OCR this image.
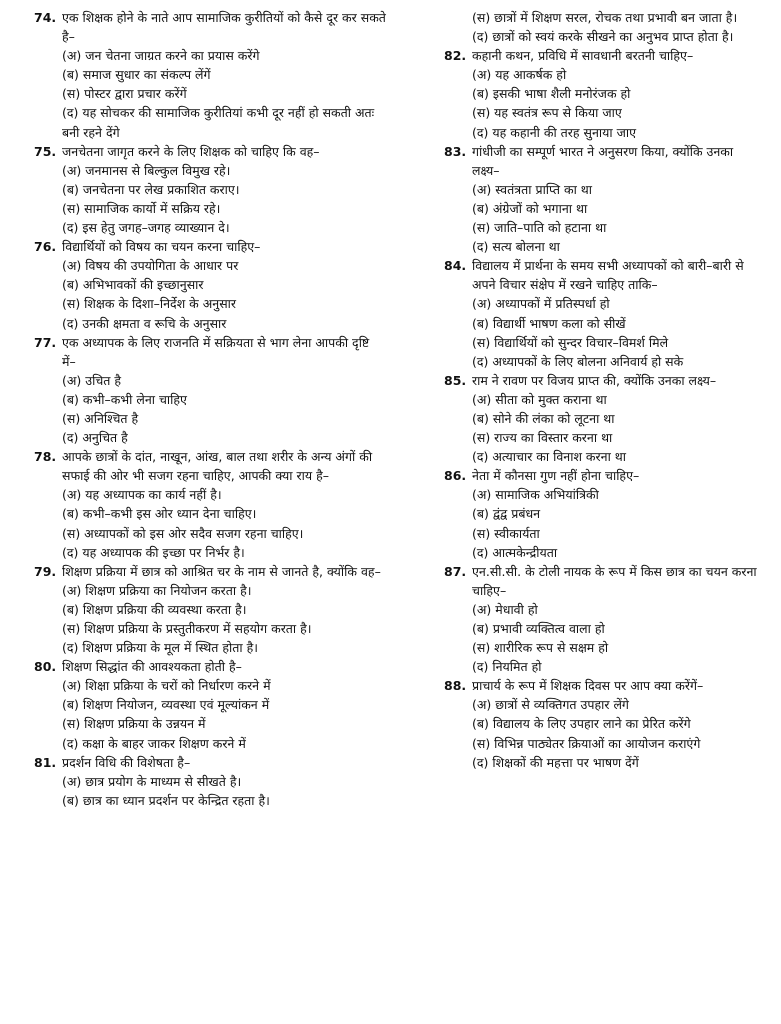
74. एक शिक्षक होने के नाते आप सामाजिक कुरीतियों को कैसे दूर कर सकते है–
(अ) जन चेतना जाग्रत करने का प्रयास करेंगे
(ब) समाज सुधार का संकल्प लेंगें
(स) पोस्टर द्वारा प्रचार करेंगें
(द) यह सोचकर की सामाजिक कुरीतियां कभी दूर नहीं हो सकती अतः बनी रहने देंगे
75. जनचेतना जागृत करने के लिए शिक्षक को चाहिए कि वह–
(अ) जनमानस से बिल्कुल विमुख रहे।
(ब) जनचेतना पर लेख प्रकाशित कराए।
(स) सामाजिक कार्यो में सक्रिय रहे।
(द) इस हेतु जगह–जगह व्याख्यान दे।
76. विद्यार्थियों को विषय का चयन करना चाहिए–
(अ) विषय की उपयोगिता के आधार पर
(ब) अभिभावकों की इच्छानुसार
(स) शिक्षक के दिशा–निर्देश के अनुसार
(द) उनकी क्षमता व रूचि के अनुसार
77. एक अध्यापक के लिए राजनति में सक्रियता से भाग लेना आपकी दृष्टि में–
(अ) उचित है
(ब) कभी–कभी लेना चाहिए
(स) अनिश्चित है
(द) अनुचित है
78. आपके छात्रों के दांत, नाखून, आंख, बाल तथा शरीर के अन्य अंगों की सफाई की ओर भी सजग रहना चाहिए, आपकी क्या राय है–
(अ) यह अध्यापक का कार्य नहीं है।
(ब) कभी–कभी इस ओर ध्यान देना चाहिए।
(स) अध्यापकों को इस ओर सदैव सजग रहना चाहिए।
(द) यह अध्यापक की इच्छा पर निर्भर है।
79. शिक्षण प्रक्रिया में छात्र को आश्रित चर के नाम से जानते है, क्योंकि वह–
(अ) शिक्षण प्रक्रिया का नियोजन करता है।
(ब) शिक्षण प्रक्रिया की व्यवस्था करता है।
(स) शिक्षण प्रक्रिया के प्रस्तुतीकरण में सहयोग करता है।
(द) शिक्षण प्रक्रिया के मूल में स्थित होता है।
80. शिक्षण सिद्धांत की आवश्यकता होती है–
(अ) शिक्षा प्रक्रिया के चरों को निर्धारण करने में
(ब) शिक्षण नियोजन, व्यवस्था एवं मूल्यांकन में
(स) शिक्षण प्रक्रिया के उन्नयन में
(द) कक्षा के बाहर जाकर शिक्षण करने में
81. प्रदर्शन विधि की विशेषता है–
(अ) छात्र प्रयोग के माध्यम से सीखते है।
(ब) छात्र का ध्यान प्रदर्शन पर केन्द्रित रहता है।
(स) छात्रों में शिक्षण सरल, रोचक तथा प्रभावी बन जाता है।
(द) छात्रों को स्वयं करके सीखने का अनुभव प्राप्त होता है।
82. कहानी कथन, प्रविधि में सावधानी बरतनी चाहिए–
(अ) यह आकर्षक हो
(ब) इसकी भाषा शैली मनोरंजक हो
(स) यह स्वतंत्र रूप से किया जाए
(द) यह कहानी की तरह सुनाया जाए
83. गांधीजी का सम्पूर्ण भारत ने अनुसरण किया, क्योंकि उनका लक्ष्य–
(अ) स्वतंत्रता प्राप्ति का था
(ब) अंग्रेजों को भगाना था
(स) जाति–पाति को हटाना था
(द) सत्य बोलना था
84. विद्यालय में प्रार्थना के समय सभी अध्यापकों को बारी–बारी से अपने विचार संक्षेप में रखने चाहिए ताकि–
(अ) अध्यापकों में प्रतिस्पर्धा हो
(ब) विद्यार्थी भाषण कला को सीखें
(स) विद्यार्थियों को सुन्दर विचार–विमर्श मिले
(द) अध्यापकों के लिए बोलना अनिवार्य हो सके
85. राम ने रावण पर विजय प्राप्त की, क्योंकि उनका लक्ष्य–
(अ) सीता को मुक्त कराना था
(ब) सोने की लंका को लूटना था
(स) राज्य का विस्तार करना था
(द) अत्याचार का विनाश करना था
86. नेता में कौनसा गुण नहीं होना चाहिए–
(अ) सामाजिक अभियांत्रिकी
(ब) द्वंद्व प्रबंधन
(स) स्वीकार्यता
(द) आत्मकेन्द्रीयता
87. एन.सी.सी. के टोली नायक के रूप में किस छात्र का चयन करना चाहिए–
(अ) मेधावी हो
(ब) प्रभावी व्यक्तित्व वाला हो
(स) शारीरिक रूप से सक्षम हो
(द) नियमित हो
88. प्राचार्य के रूप में शिक्षक दिवस पर आप क्या करेंगें–
(अ) छात्रों से व्यक्तिगत उपहार लेंगे
(ब) विद्यालय के लिए उपहार लाने का प्रेरित करेंगे
(स) विभिन्न पाठ्येतर क्रियाओं का आयोजन कराएंगे
(द) शिक्षकों की महत्ता पर भाषण देंगें
